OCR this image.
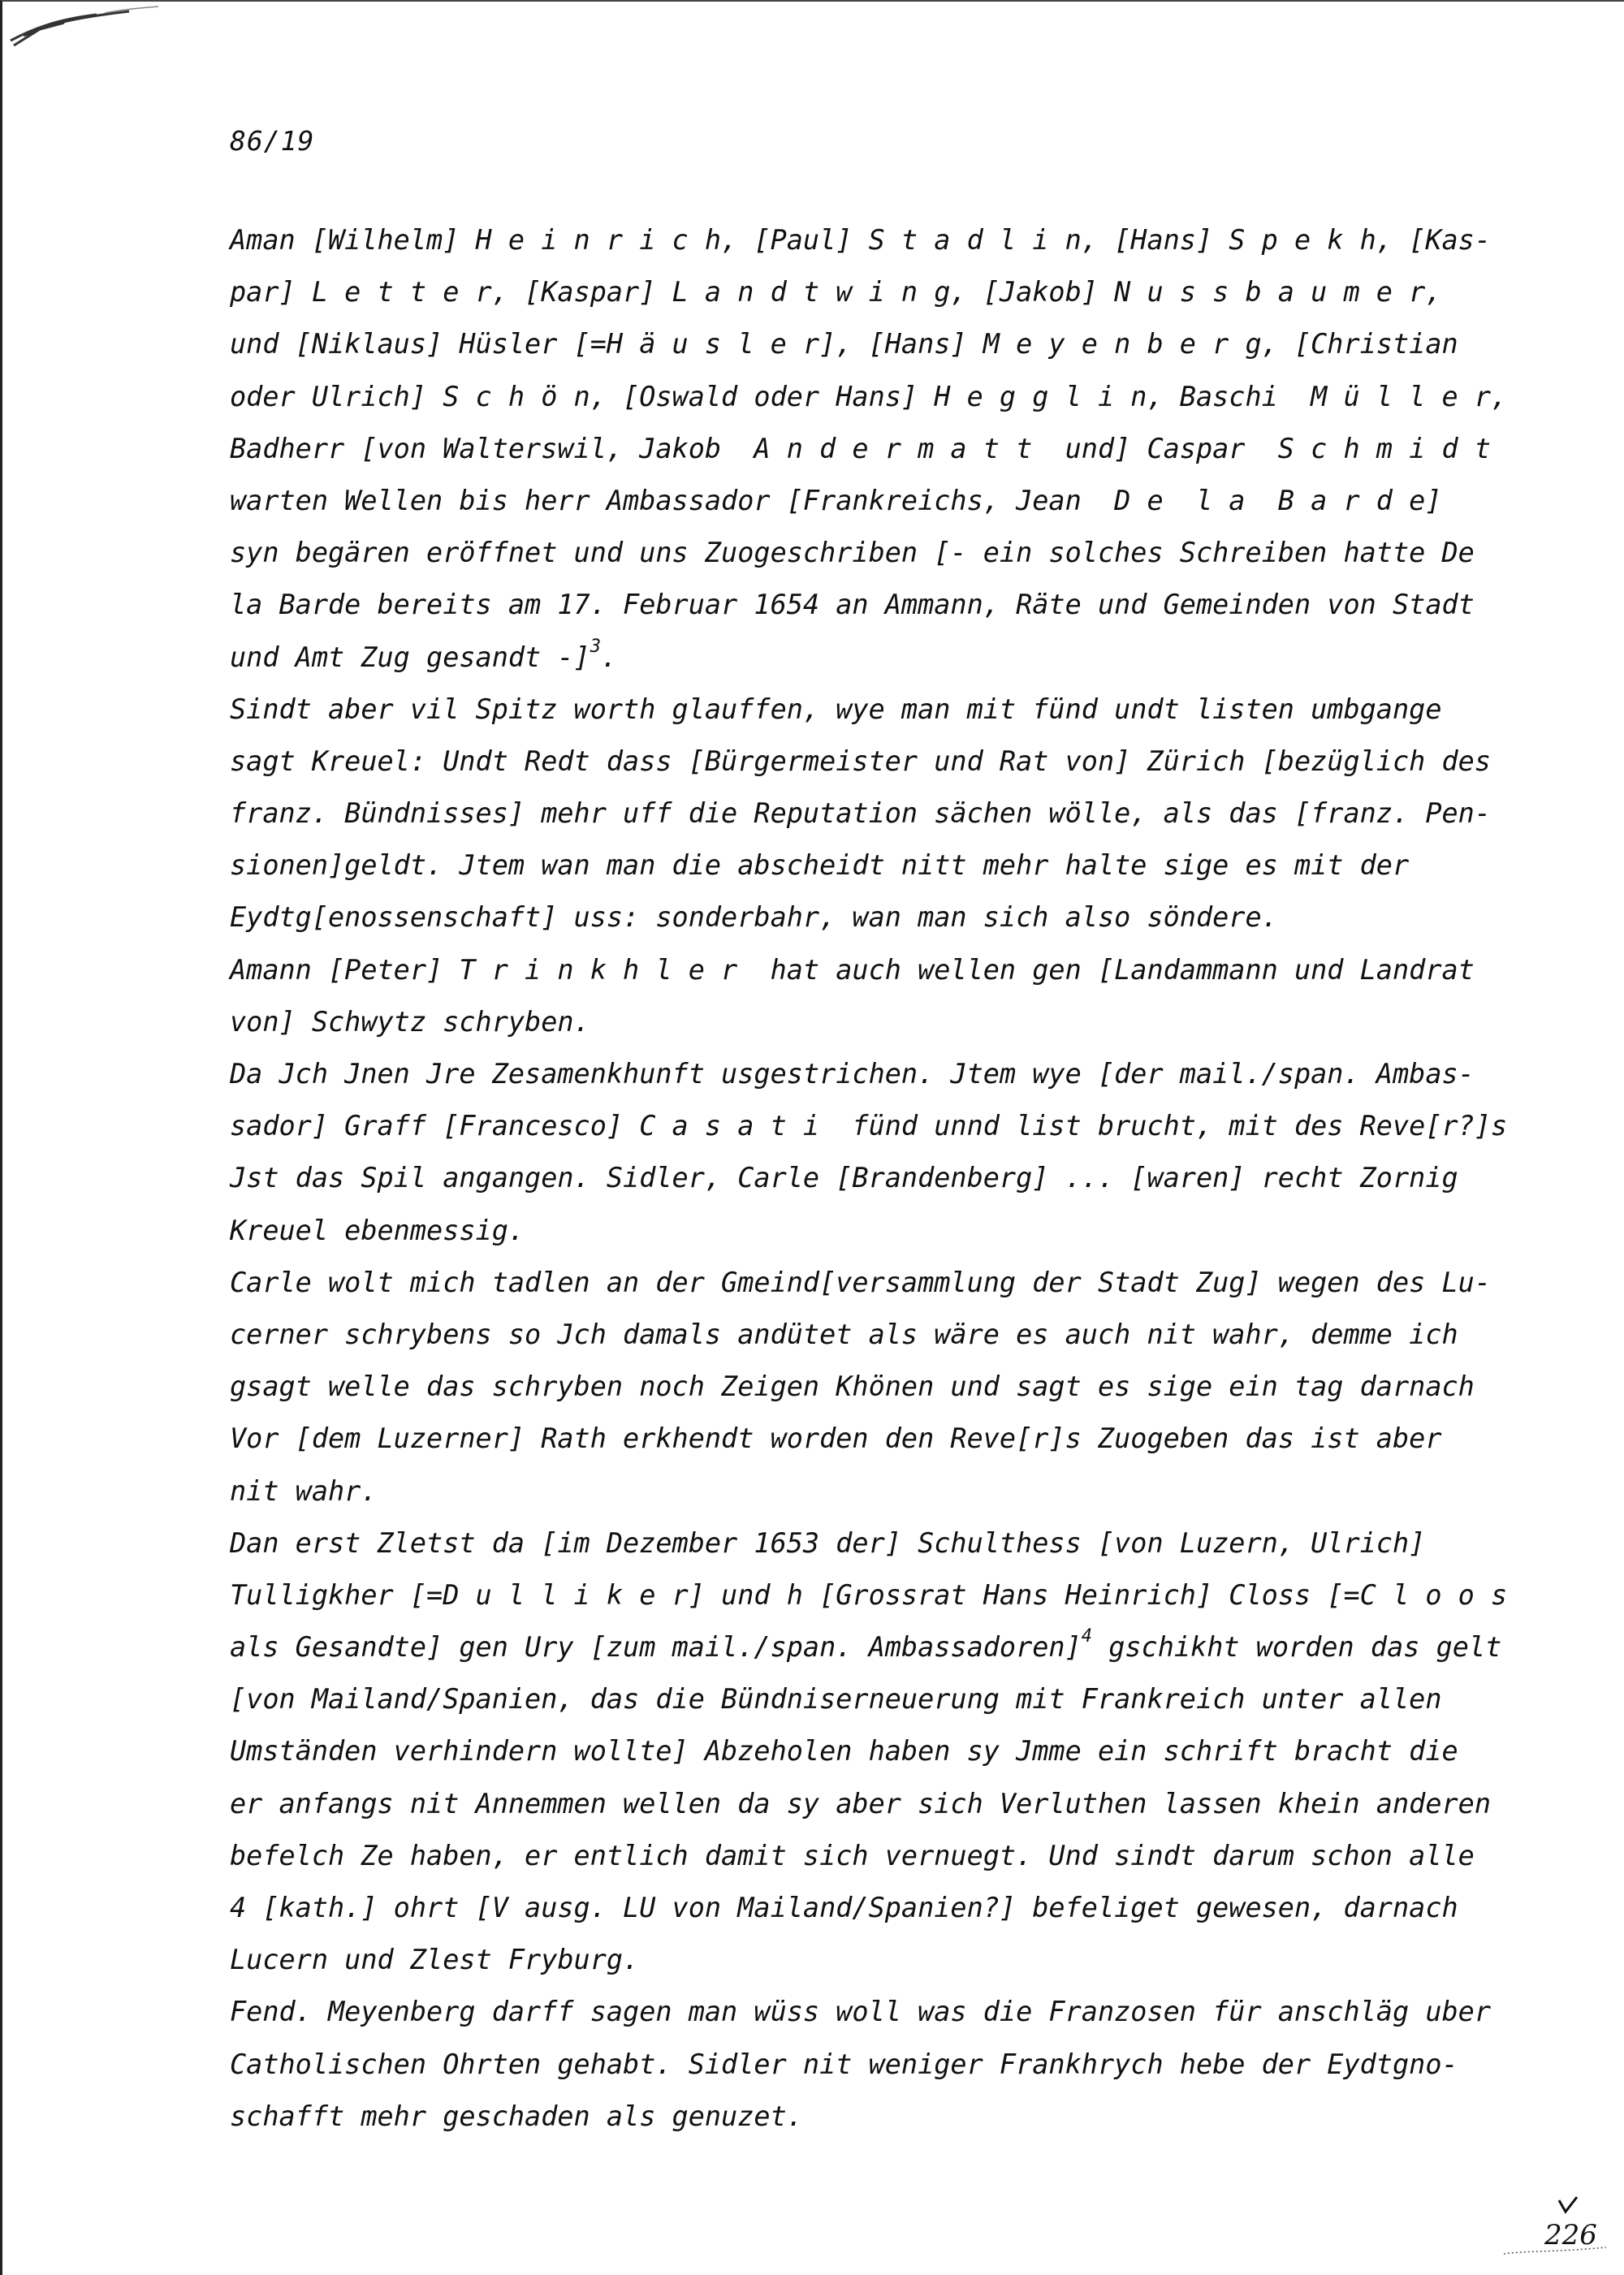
86/19
Aman [Wilhelm] H e i n r i c h, [Paul] S t a d l i n, [Hans] S p e k h, [Kas-
par] L e t t e r, [Kaspar] L a n d t w i n g, [Jakob] N u s s b a u m e r,
und [Niklaus] Hüsler [=H ä u s l e r], [Hans] M e y e n b e r g, [Christian
oder Ulrich] S c h ö n, [Oswald oder Hans] H e g g l i n, Baschi  M ü l l e r,
Badherr [von Walterswil, Jakob  A n d e r m a t t  und] Caspar  S c h m i d t
warten Wellen bis herr Ambassador [Frankreichs, Jean  D e  l a  B a r d e]
syn begären eröffnet und uns Zuogeschriben [- ein solches Schreiben hatte De
la Barde bereits am 17. Februar 1654 an Ammann, Räte und Gemeinden von Stadt
und Amt Zug gesandt -]$^3$.
Sindt aber vil Spitz worth glauffen, wye man mit fünd undt listen umbgange
sagt Kreuel: Undt Redt dass [Bürgermeister und Rat von] Zürich [bezüglich des
franz. Bündnisses] mehr uff die Reputation sächen wölle, als das [franz. Pen-
sionen]geldt. Jtem wan man die abscheidt nitt mehr halte sige es mit der
Eydtg[enossenschaft] uss: sonderbahr, wan man sich also söndere.
Amann [Peter] T r i n k h l e r  hat auch wellen gen [Landammann und Landrat
von] Schwytz schryben.
Da Jch Jnen Jre Zesamenkhunft usgestrichen. Jtem wye [der mail./span. Ambas-
sador] Graff [Francesco] C a s a t i  fünd unnd list brucht, mit des Reve[r?]s
Jst das Spil angangen. Sidler, Carle [Brandenberg] ... [waren] recht Zornig
Kreuel ebenmessig.
Carle wolt mich tadlen an der Gmeind[versammlung der Stadt Zug] wegen des Lu-
cerner schrybens so Jch damals andütet als wäre es auch nit wahr, demme ich
gsagt welle das schryben noch Zeigen Khönen und sagt es sige ein tag darnach
Vor [dem Luzerner] Rath erkhendt worden den Reve[r]s Zuogeben das ist aber
nit wahr.
Dan erst Zletst da [im Dezember 1653 der] Schulthess [von Luzern, Ulrich]
Tulligkher [=D u l l i k e r] und h [Grossrat Hans Heinrich] Closs [=C l o o s
als Gesandte] gen Ury [zum mail./span. Ambassadoren]$^4$ gschikht worden das gelt
[von Mailand/Spanien, das die Bündniserneuerung mit Frankreich unter allen
Umständen verhindern wollte] Abzeholen haben sy Jmme ein schrift bracht die
er anfangs nit Annemmen wellen da sy aber sich Verluthen lassen khein anderen
befelch Ze haben, er entlich damit sich vernuegt. Und sindt darum schon alle
4 [kath.] ohrt [V ausg. LU von Mailand/Spanien?] befeliget gewesen, darnach
Lucern und Zlest Fryburg.
Fend. Meyenberg darff sagen man wüss woll was die Franzosen für anschläg uber
Catholischen Ohrten gehabt. Sidler nit weniger Frankhrych hebe der Eydtgno-
schafft mehr geschaden als genuzet.
226
